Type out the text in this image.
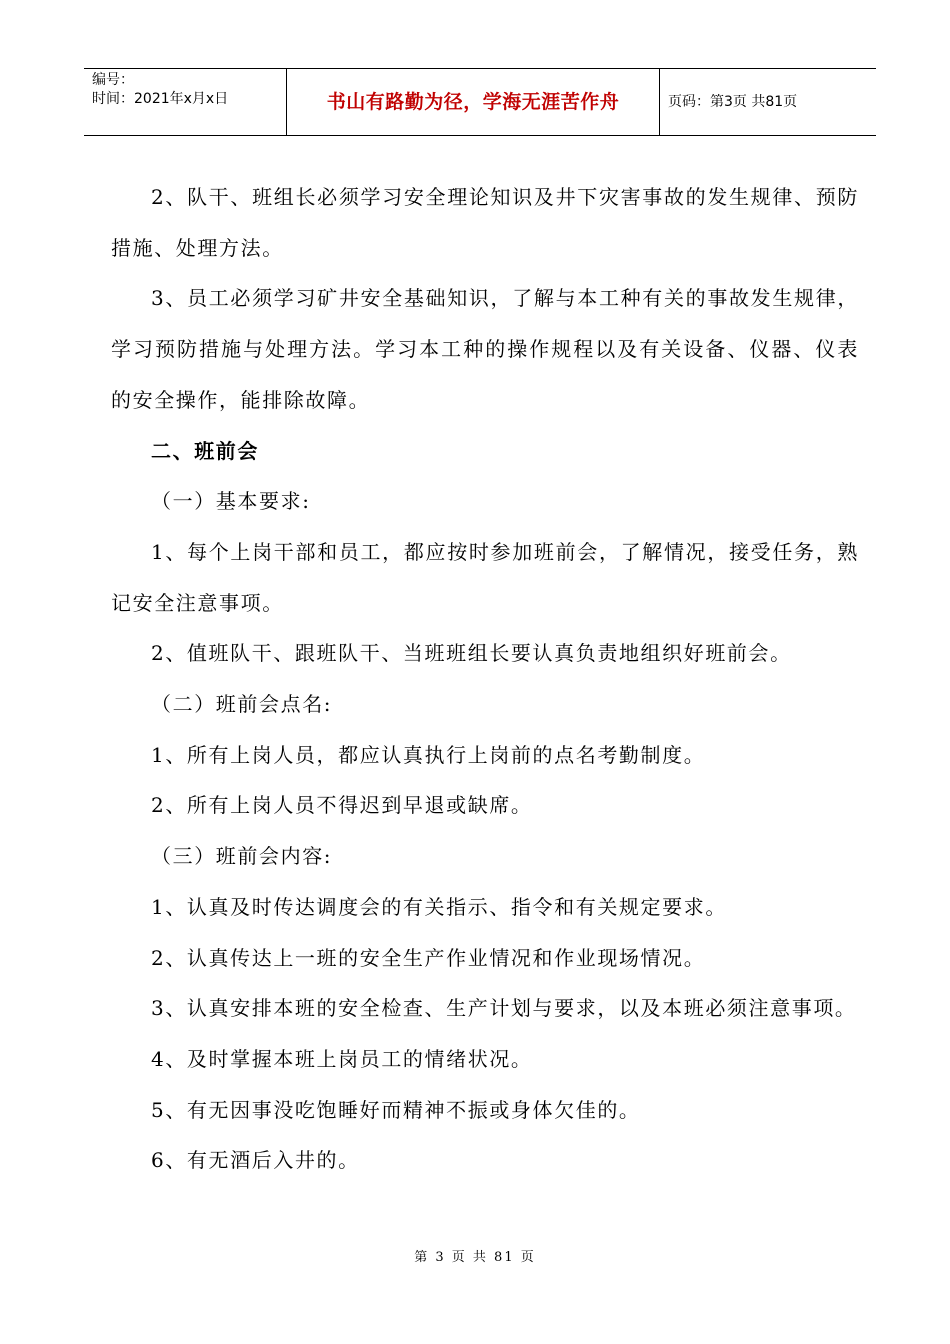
编号：
时间：2021年x月x日	书山有路勤为径，学海无涯苦作舟	页码：第3页 共81页

2、队干、班组长必须学习安全理论知识及井下灾害事故的发生规律、预防措施、处理方法。

3、员工必须学习矿井安全基础知识，了解与本工种有关的事故发生规律，学习预防措施与处理方法。学习本工种的操作规程以及有关设备、仪器、仪表的安全操作，能排除故障。

二、班前会

（一）基本要求:

1、每个上岗干部和员工，都应按时参加班前会，了解情况，接受任务，熟记安全注意事项。

2、值班队干、跟班队干、当班班组长要认真负责地组织好班前会。

（二）班前会点名:

1、所有上岗人员，都应认真执行上岗前的点名考勤制度。

2、所有上岗人员不得迟到早退或缺席。

（三）班前会内容:

1、认真及时传达调度会的有关指示、指令和有关规定要求。

2、认真传达上一班的安全生产作业情况和作业现场情况。

3、认真安排本班的安全检查、生产计划与要求，以及本班必须注意事项。

4、及时掌握本班上岗员工的情绪状况。

5、有无因事没吃饱睡好而精神不振或身体欠佳的。

6、有无酒后入井的。

第 3 页 共 81 页
